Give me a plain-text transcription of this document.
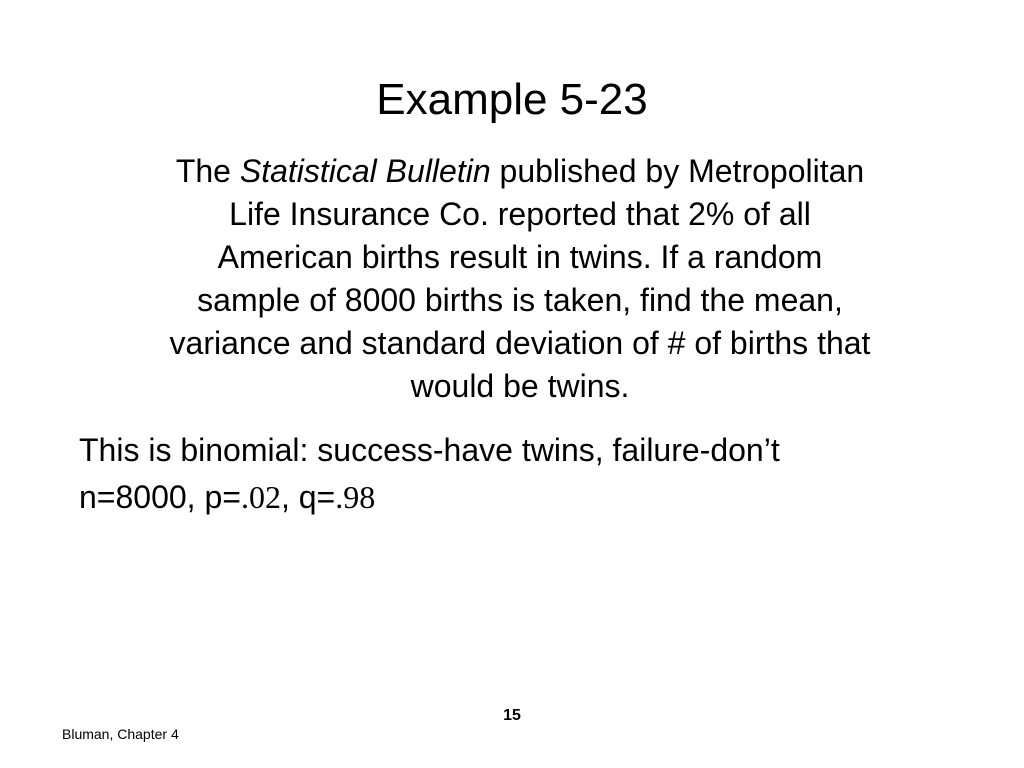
Example 5-23
The Statistical Bulletin published by Metropolitan
Life Insurance Co. reported that 2% of all
American births result in twins. If a random
sample of 8000 births is taken, find the mean,
variance and standard deviation of # of births that
would be twins.
This is binomial: success-have twins, failure-don’t
n=8000, p=.02, q=.98
15
Bluman, Chapter 4
